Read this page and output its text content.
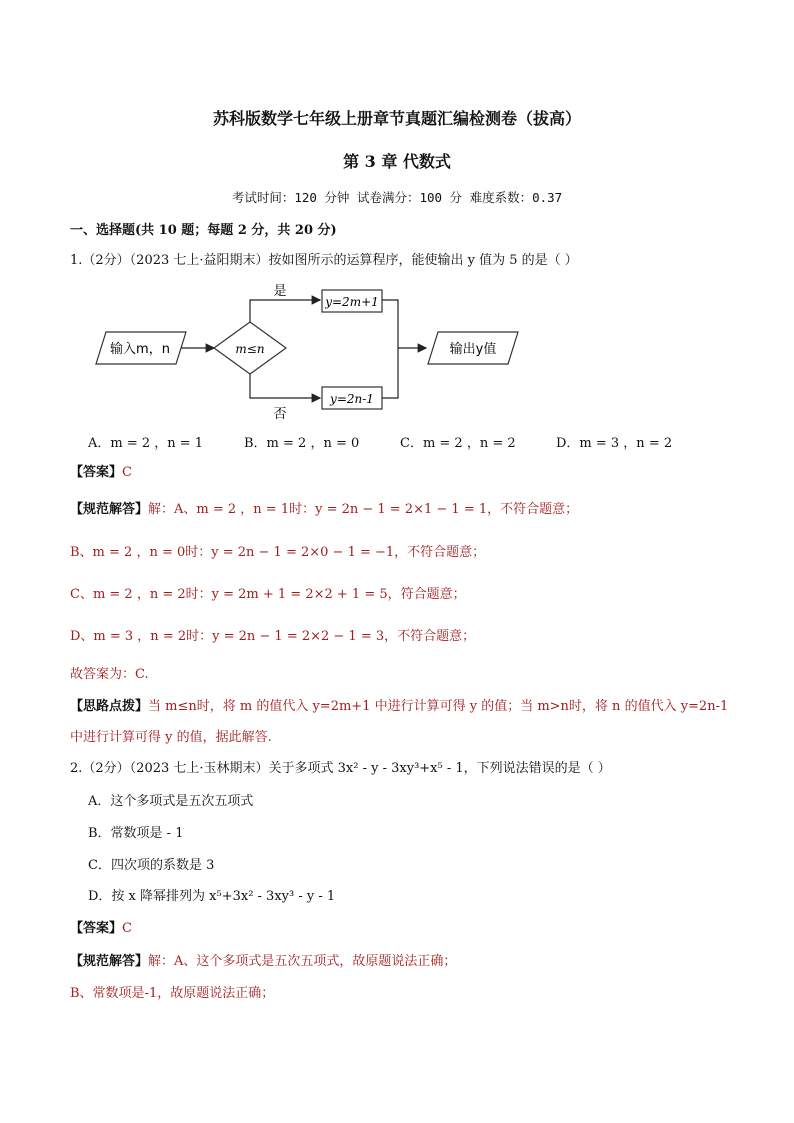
苏科版数学七年级上册章节真题汇编检测卷（拔高）
第 3 章 代数式
考试时间：120 分钟 试卷满分：100 分 难度系数：0.37
一、选择题(共 10 题；每题 2 分，共 20 分)
1.（2分）（2023 七上·益阳期末）按如图所示的运算程序，能使输出 y 值为 5 的是（ ）
输入m，n	m≤n
是
y=2m+1
否
y=2n-1
输出y值
A．m = 2 ，n = 1	B．m = 2 ，n = 0	C．m = 2 ，n = 2	D．m = 3 ，n = 2
【答案】C
【规范解答】解：A、m = 2 ，n = 1时：y = 2n − 1 = 2×1 − 1 = 1，不符合题意；
B、m = 2 ，n = 0时：y = 2n − 1 = 2×0 − 1 = −1，不符合题意；
C、m = 2 ，n = 2时：y = 2m + 1 = 2×2 + 1 = 5，符合题意；
D、m = 3 ，n = 2时：y = 2n − 1 = 2×2 − 1 = 3，不符合题意；
故答案为：C.
【思路点拨】当 m≤n时，将 m 的值代入 y=2m+1 中进行计算可得 y 的值；当 m>n时，将 n 的值代入 y=2n-1
中进行计算可得 y 的值，据此解答.
2.（2分）（2023 七上·玉林期末）关于多项式 3x² - y - 3xy³+x⁵ - 1，下列说法错误的是（ ）
A．这个多项式是五次五项式
B．常数项是 - 1
C．四次项的系数是 3
D．按 x 降幂排列为 x⁵+3x² - 3xy³ - y - 1
【答案】C
【规范解答】解：A、这个多项式是五次五项式，故原题说法正确；
B、常数项是-1，故原题说法正确；
